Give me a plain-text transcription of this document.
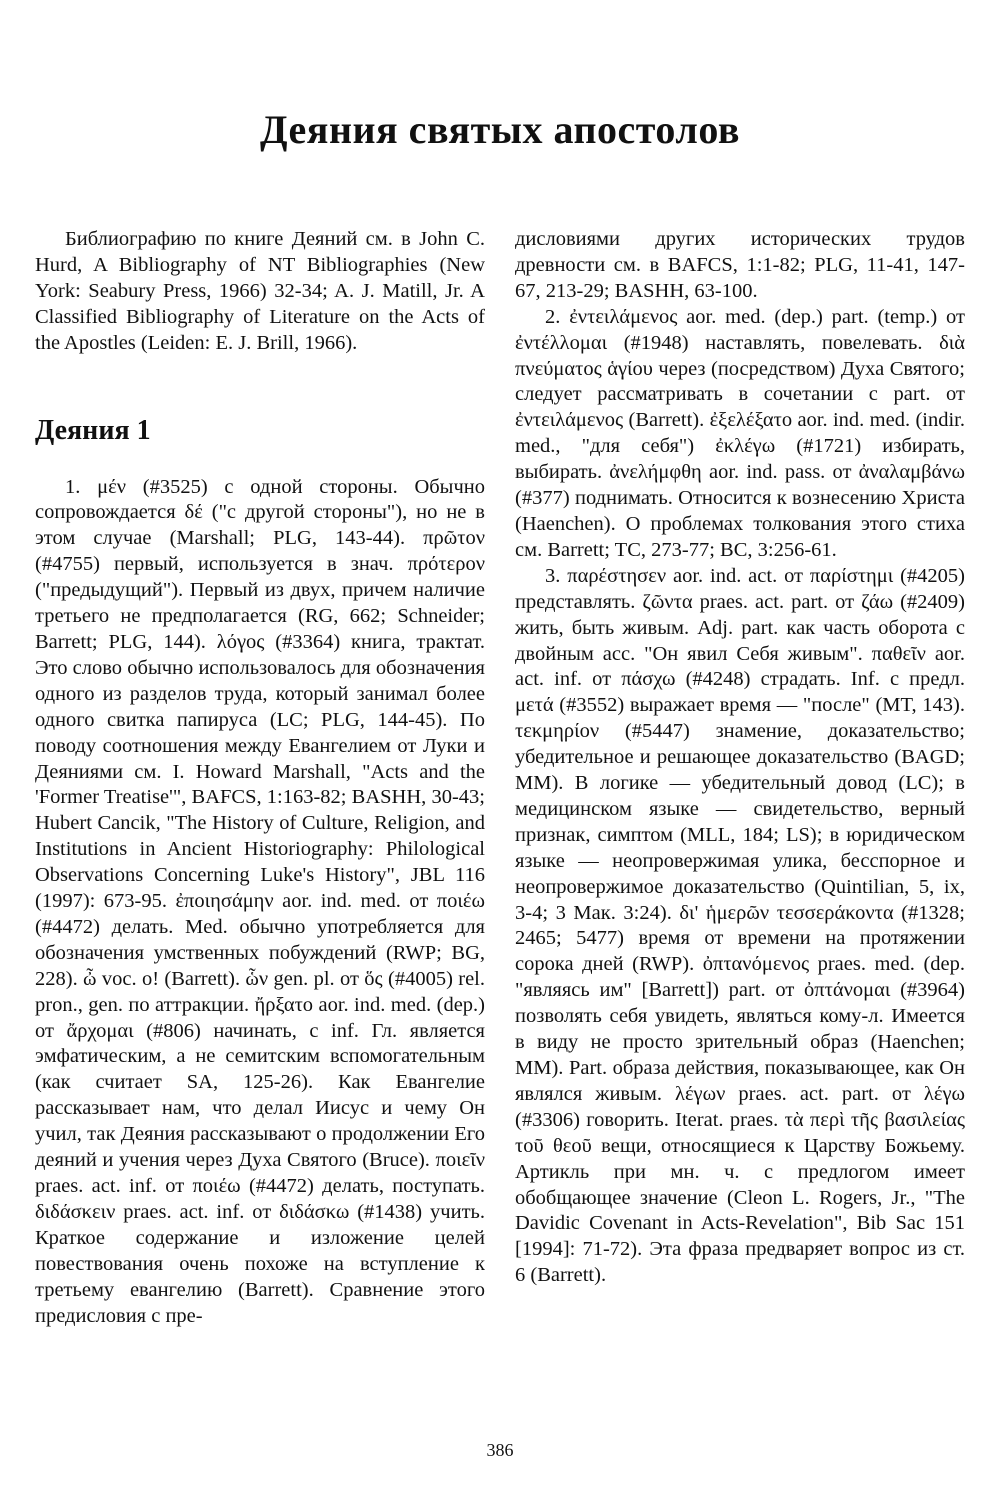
Деяния святых апостолов

Библиографию по книге Деяний см. в John C. Hurd, A Bibliography of NT Bibliographies (New York: Seabury Press, 1966) 32-34; A. J. Matill, Jr. A Classified Bibliography of Literature on the Acts of the Apostles (Leiden: E. J. Brill, 1966).

Деяния 1

1. μέν (#3525) с одной стороны. Обычно сопровождается δέ ("с другой стороны"), но не в этом случае (Marshall; PLG, 143-44). πρῶτον (#4755) первый, используется в знач. πρότερον ("предыдущий"). Первый из двух, причем наличие третьего не предполагается (RG, 662; Schneider; Barrett; PLG, 144). λόγος (#3364) книга, трактат. Это слово обычно использовалось для обозначения одного из разделов труда, который занимал более одного свитка папируса (LC; PLG, 144-45). По поводу соотношения между Евангелием от Луки и Деяниями см. I. Howard Marshall, "Acts and the 'Former Treatise'", BAFCS, 1:163-82; BASHH, 30-43; Hubert Cancik, "The History of Culture, Religion, and Institutions in Ancient Historiography: Philological Observations Concerning Luke's History", JBL 116 (1997): 673-95. ἐποιησάμην aor. ind. med. от ποιέω (#4472) делать. Med. обычно употребляется для обозначения умственных побуждений (RWP; BG, 228). ὦ voc. о! (Barrett). ὧν gen. pl. от ὅς (#4005) rel. pron., gen. по аттракции. ἤρξατο aor. ind. med. (dep.) от ἄρχομαι (#806) начинать, с inf. Гл. является эмфатическим, а не семитским вспомогательным (как считает SA, 125-26). Как Евангелие рассказывает нам, что делал Иисус и чему Он учил, так Деяния рассказывают о продолжении Его деяний и учения через Духа Святого (Bruce). ποιεῖν praes. act. inf. от ποιέω (#4472) делать, поступать. διδάσκειν praes. act. inf. от διδάσκω (#1438) учить. Краткое содержание и изложение целей повествования очень похоже на вступление к третьему евангелию (Barrett). Сравнение этого предисловия с пре-

дисловиями других исторических трудов древности см. в BAFCS, 1:1-82; PLG, 11-41, 147-67, 213-29; BASHH, 63-100.

2. ἐντειλάμενος aor. med. (dep.) part. (temp.) от ἐντέλλομαι (#1948) наставлять, повелевать. διὰ πνεύματος ἁγίου через (посредством) Духа Святого; следует рассматривать в сочетании с part. от ἐντειλάμενος (Barrett). ἐξελέξατο aor. ind. med. (indir. med., "для себя") ἐκλέγω (#1721) избирать, выбирать. ἀνελήμφθη aor. ind. pass. от ἀναλαμβάνω (#377) поднимать. Относится к вознесению Христа (Haenchen). О проблемах толкования этого стиха см. Barrett; TC, 273-77; BC, 3:256-61.

3. παρέστησεν aor. ind. act. от παρίστημι (#4205) представлять. ζῶντα praes. act. part. от ζάω (#2409) жить, быть живым. Adj. part. как часть оборота с двойным acc. "Он явил Себя живым". παθεῖν aor. act. inf. от πάσχω (#4248) страдать. Inf. с предл. μετά (#3552) выражает время — "после" (MT, 143). τεκμηρίον (#5447) знамение, доказательство; убедительное и решающее доказательство (BAGD; MM). В логике — убедительный довод (LC); в медицинском языке — свидетельство, верный признак, симптом (MLL, 184; LS); в юридическом языке — неопровержимая улика, бесспорное и неопровержимое доказательство (Quintilian, 5, ix, 3-4; 3 Мак. 3:24). δι' ἡμερῶν τεσσεράκοντα (#1328; 2465; 5477) время от времени на протяжении сорока дней (RWP). ὀπτανόμενος praes. med. (dep. "являясь им" [Barrett]) part. от ὀπτάνομαι (#3964) позволять себя увидеть, являться кому-л. Имеется в виду не просто зрительный образ (Haenchen; MM). Part. образа действия, показывающее, как Он являлся живым. λέγων praes. act. part. от λέγω (#3306) говорить. Iterat. praes. τὰ περὶ τῆς βασιλείας τοῦ θεοῦ вещи, относящиеся к Царству Божьему. Артикль при мн. ч. с предлогом имеет обобщающее значение (Cleon L. Rogers, Jr., "The Davidic Covenant in Acts-Revelation", Bib Sac 151 [1994]: 71-72). Эта фраза предваряет вопрос из ст. 6 (Barrett).

386
